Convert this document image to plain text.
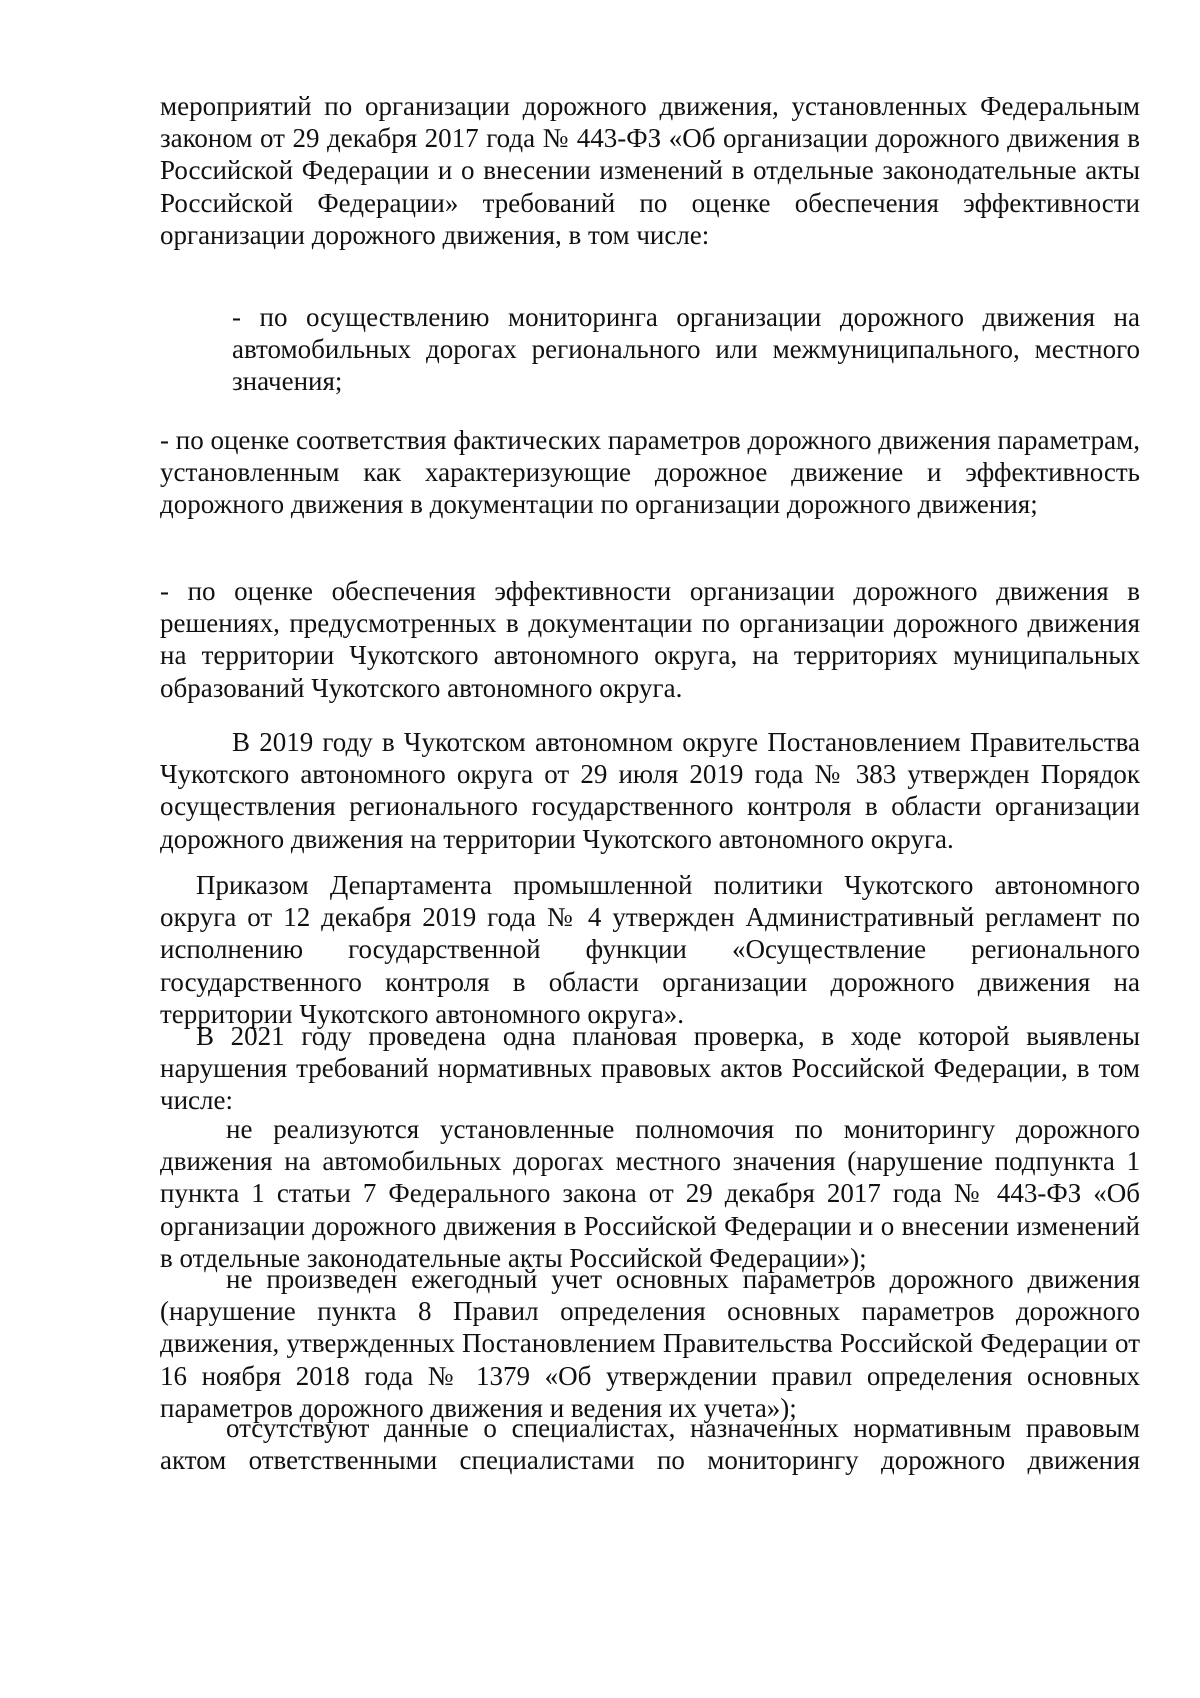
мероприятий по организации дорожного движения, установленных Федеральным законом от 29 декабря 2017 года № 443-ФЗ «Об организации дорожного движения в Российской Федерации и о внесении изменений в отдельные законодательные акты Российской Федерации» требований по оценке обеспечения эффективности организации дорожного движения, в том числе:

- по осуществлению мониторинга организации дорожного движения на автомобильных дорогах регионального или межмуниципального, местного значения;

- по оценке соответствия фактических параметров дорожного движения параметрам, установленным как характеризующие дорожное движение и эффективность дорожного движения в документации по организации дорожного движения;

- по оценке обеспечения эффективности организации дорожного движения в решениях, предусмотренных в документации по организации дорожного движения на территории Чукотского автономного округа, на территориях муниципальных образований Чукотского автономного округа.

В 2019 году в Чукотском автономном округе Постановлением Правительства Чукотского автономного округа от 29 июля 2019 года № 383 утвержден Порядок осуществления регионального государственного контроля в области организации дорожного движения на территории Чукотского автономного округа.

Приказом Департамента промышленной политики Чукотского автономного округа от 12 декабря 2019 года № 4 утвержден Административный регламент по исполнению государственной функции «Осуществление регионального государственного контроля в области организации дорожного движения на территории Чукотского автономного округа».

В 2021 году проведена одна плановая проверка, в ходе которой выявлены нарушения требований нормативных правовых актов Российской Федерации, в том числе:

не реализуются установленные полномочия по мониторингу дорожного движения на автомобильных дорогах местного значения (нарушение подпункта 1 пункта 1 статьи 7 Федерального закона от 29 декабря 2017 года № 443-ФЗ «Об организации дорожного движения в Российской Федерации и о внесении изменений в отдельные законодательные акты Российской Федерации»);

не произведен ежегодный учет основных параметров дорожного движения (нарушение пункта 8 Правил определения основных параметров дорожного движения, утвержденных Постановлением Правительства Российской Федерации от 16 ноября 2018 года № 1379 «Об утверждении правил определения основных параметров дорожного движения и ведения их учета»);

отсутствуют данные о специалистах, назначенных нормативным правовым актом ответственными специалистами по мониторингу дорожного движения
